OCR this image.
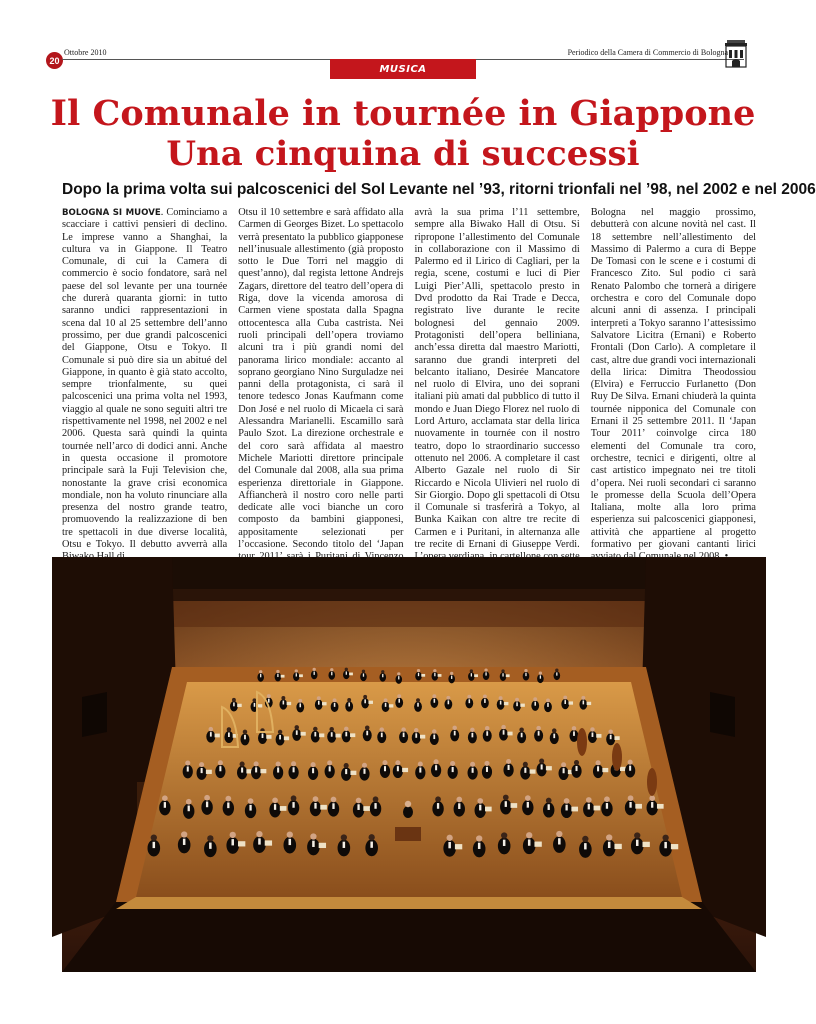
20
Ottobre 2010	Periodico della Camera di Commercio di Bologna
MUSICA
Il Comunale in tournée in Giappone
Una cinquina di successi
Dopo la prima volta sui palcoscenici del Sol Levante nel ’93, ritorni trionfali nel ’98, nel 2002 e nel 2006
BOLOGNA SI MUOVE. Cominciamo a scacciare i cattivi pensieri di declino. Le imprese vanno a Shanghai, la cultura va in Giappone. Il Teatro Comunale, di cui la Camera di commercio è socio fondatore, sarà nel paese del sol levante per una tournée che durerà quaranta giorni: in tutto saranno undici rappresentazioni in scena dal 10 al 25 settembre dell’anno prossimo, per due grandi palcoscenici del Giappone, Otsu e Tokyo. Il Comunale si può dire sia un abitué del Giappone, in quanto è già stato accolto, sempre trionfalmente, su quei palcoscenici una prima volta nel 1993, viaggio al quale ne sono seguiti altri tre rispettivamente nel 1998, nel 2002 e nel 2006. Questa sarà quindi la quinta tournée nell’arco di dodici anni. Anche in questa occasione il promotore principale sarà la Fuji Television che, nonostante la grave crisi economica mondiale, non ha voluto rinunciare alla presenza del nostro grande teatro, promuovendo la realizzazione di ben tre spettacoli in due diverse località, Otsu e Tokyo. Il debutto avverrà alla
Otsu il 10 settembre e sarà affidato alla Carmen di Georges Bizet. Lo spettacolo verrà presentato la pubblico giapponese nell’inusuale allestimento (già proposto sotto le Due Torri nel maggio di quest’anno), dal regista lettone Andrejs Zagars, direttore del teatro dell’opera di Riga, dove la vicenda amorosa di Carmen viene spostata dalla Spagna ottocentesca alla Cuba castrista. Nei ruoli principali dell’opera troviamo alcuni tra i più grandi nomi del panorama lirico mondiale: accanto al soprano georgiano Nino Surguladze nei panni della protagonista, ci sarà il tenore tedesco Jonas Kaufmann come Don José e nel ruolo di Micaela ci sarà Alessandra Marianelli. Escamillo sarà Paulo Szot. La direzione orchestrale e del coro sarà affidata al maestro Michele Mariotti direttore principale del Comunale dal 2008, alla sua prima esperienza direttoriale in Giappone. Affiancherà il nostro coro nelle parti dedicate alle voci bianche un coro composto da bambini giapponesi, appositamente selezionati per l’occasione. Secondo titolo del ‘Japan
avrà la sua prima l’11 settembre, sempre alla Biwako Hall di Otsu. Si ripropone l’allestimento del Comunale in collaborazione con il Massimo di Palermo ed il Lirico di Cagliari, per la regia, scene, costumi e luci di Pier Luigi Pier’Alli, spettacolo presto in Dvd prodotto da Rai Trade e Decca, registrato live durante le recite bolognesi del gennaio 2009. Protagonisti dell’opera belliniana, anch’essa diretta dal maestro Mariotti, saranno due grandi interpreti del belcanto italiano, Desirée Mancatore nel ruolo di Elvira, uno dei soprani italiani più amati dal pubblico di tutto il mondo e Juan Diego Florez nel ruolo di Lord Arturo, acclamata star della lirica nuovamente in tournée con il nostro teatro, dopo lo straordinario successo ottenuto nel 2006. A completare il cast Alberto Gazale nel ruolo di Sir Riccardo e Nicola Ulivieri nel ruolo di Sir Giorgio. Dopo gli spettacoli di Otsu il Comunale si trasferirà a Tokyo, al Bunka Kaikan con altre tre recite di Carmen e i Puritani, in alternanza alle tre recite di Ernani di Giuseppe Verdi.
Bologna nel maggio prossimo, debutterà con alcune novità nel cast. Il 18 settembre nell’allestimento del Massimo di Palermo a cura di Beppe De Tomasi con le scene e i costumi di Francesco Zito. Sul podio ci sarà Renato Palombo che tornerà a dirigere orchestra e coro del Comunale dopo alcuni anni di assenza. I principali interpreti a Tokyo saranno l’attesissimo Salvatore Licitra (Ernani) e Roberto Frontali (Don Carlo). A completare il cast, altre due grandi voci internazionali della lirica: Dimitra Theodossiou (Elvira) e Ferruccio Furlanetto (Don Ruy De Silva. Ernani chiuderà la quinta tournée nipponica del Comunale con Ernani il 25 settembre 2011. Il ‘Japan Tour 2011’ coinvolge circa 180 elementi del Comunale tra coro, orchestre, tecnici e dirigenti, oltre al cast artistico impegnato nei tre titoli d’opera. Nei ruoli secondari ci saranno le promesse della Scuola dell’Opera Italiana, molte alla loro prima esperienza sui palcoscenici giapponesi, attività che appartiene al progetto formativo per giovani cantanti lirici
